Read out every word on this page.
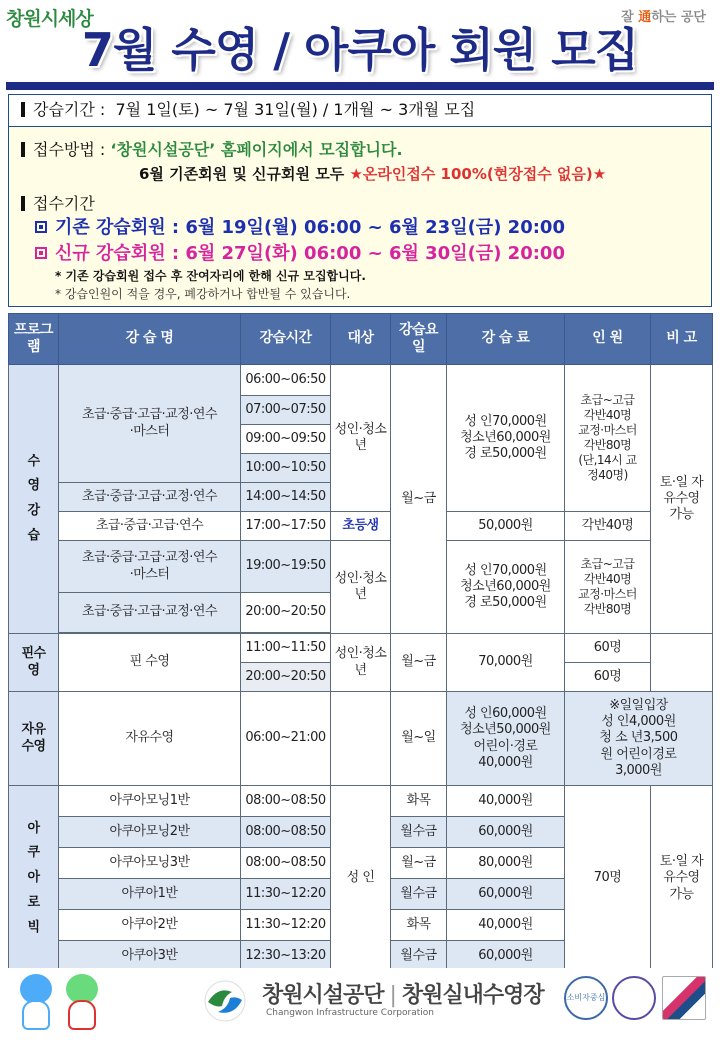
창원시세상	잘 通하는 공단
7월 수영 / 아쿠아 회원 모집
강습기간 : 7월 1일(토) ~ 7월 31일(월) / 1개월 ~ 3개월 모집
접수방법 : ‘창원시설공단’ 홈페이지에서 모집합니다.
6월 기존회원 및 신규회원 모두 ★온라인접수 100%(현장접수 없음)★
접수기간
기존 강습회원 : 6월 19일(월) 06:00 ~ 6월 23일(금) 20:00
신규 강습회원 : 6월 27일(화) 06:00 ~ 6월 30일(금) 20:00
* 기존 강습회원 접수 후 잔여자리에 한해 신규 모집합니다.
* 강습인원이 적을 경우, 폐강하거나 합반될 수 있습니다.
프로그램	강 습 명	강습시간	대상	강습요일	강 습 료	인 원	비 고
수영강습	초급·중급·고급·교정·연수·마스터	06:00~06:50	성인·청소년	월~금	성 인70,000원 청소년60,000원 경 로50,000원	초급~고급 각반40명 교정·마스터 각반80명 (단,14시 교정40명)	토·일 자유수영 가능
		07:00~07:50					
		09:00~09:50					
		10:00~10:50					
	초급·중급·고급·교정·연수	14:00~14:50					
	초급·중급·고급·연수	17:00~17:50	초등생		50,000원	각반40명	
	초급·중급·고급·교정·연수·마스터	19:00~19:50	성인·청소년		성 인70,000원 청소년60,000원 경 로50,000원	초급~고급 각반40명 교정·마스터 각반80명	
	초급·중급·고급·교정·연수	20:00~20:50					

핀수영	핀 수영	11:00~11:50	성인·청소년	월~금	70,000원	60명	
		20:00~20:50				60명	
자유수영	자유수영	06:00~21:00		월~일	성 인60,000원 청소년50,000원 어린이·경로 40,000원	※일일입장
성 인4,000원 청 소 년3,500원 어린이경로 3,000원	

아쿠아로빅	아쿠아모닝1반	08:00~08:50	성 인	화목	40,000원	70명	토·일 자유수영 가능
	아쿠아모닝2반	08:00~08:50		월수금	60,000원		
	아쿠아모닝3반	08:00~08:50		월~금	80,000원		
	아쿠아1반	11:30~12:20		월수금	60,000원		
	아쿠아2반	11:30~12:20		화목	40,000원		
	아쿠아3반	12:30~13:20		월수금	60,000원		
창원시설공단 | 창원실내수영장
Changwon Infrastructure Corporation
소비자중심
